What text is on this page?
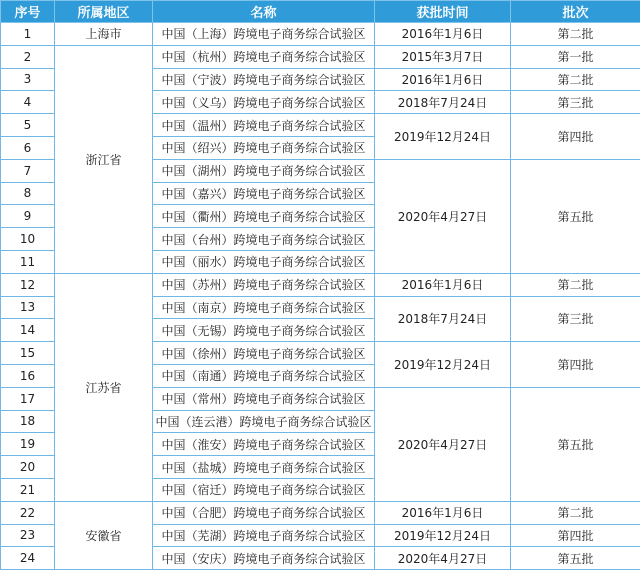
序号	所属地区	名称	获批时间	批次
1	上海市	中国（上海）跨境电子商务综合试验区	2016年1月6日	第二批
2	浙江省	中国（杭州）跨境电子商务综合试验区	2015年3月7日	第一批
3		中国（宁波）跨境电子商务综合试验区	2016年1月6日	第二批
4		中国（义乌）跨境电子商务综合试验区	2018年7月24日	第三批
5		中国（温州）跨境电子商务综合试验区	2019年12月24日	第四批
6		中国（绍兴）跨境电子商务综合试验区		
7		中国（湖州）跨境电子商务综合试验区	2020年4月27日	第五批
8		中国（嘉兴）跨境电子商务综合试验区		
9		中国（衢州）跨境电子商务综合试验区		
10		中国（台州）跨境电子商务综合试验区		
11		中国（丽水）跨境电子商务综合试验区		
12	江苏省	中国（苏州）跨境电子商务综合试验区	2016年1月6日	第二批
13		中国（南京）跨境电子商务综合试验区	2018年7月24日	第三批
14		中国（无锡）跨境电子商务综合试验区		
15		中国（徐州）跨境电子商务综合试验区	2019年12月24日	第四批
16		中国（南通）跨境电子商务综合试验区		
17		中国（常州）跨境电子商务综合试验区	2020年4月27日	第五批
18		中国（连云港）跨境电子商务综合试验区		
19		中国（淮安）跨境电子商务综合试验区		
20		中国（盐城）跨境电子商务综合试验区		
21		中国（宿迁）跨境电子商务综合试验区		
22	安徽省	中国（合肥）跨境电子商务综合试验区	2016年1月6日	第二批
23		中国（芜湖）跨境电子商务综合试验区	2019年12月24日	第四批
24		中国（安庆）跨境电子商务综合试验区	2020年4月27日	第五批
